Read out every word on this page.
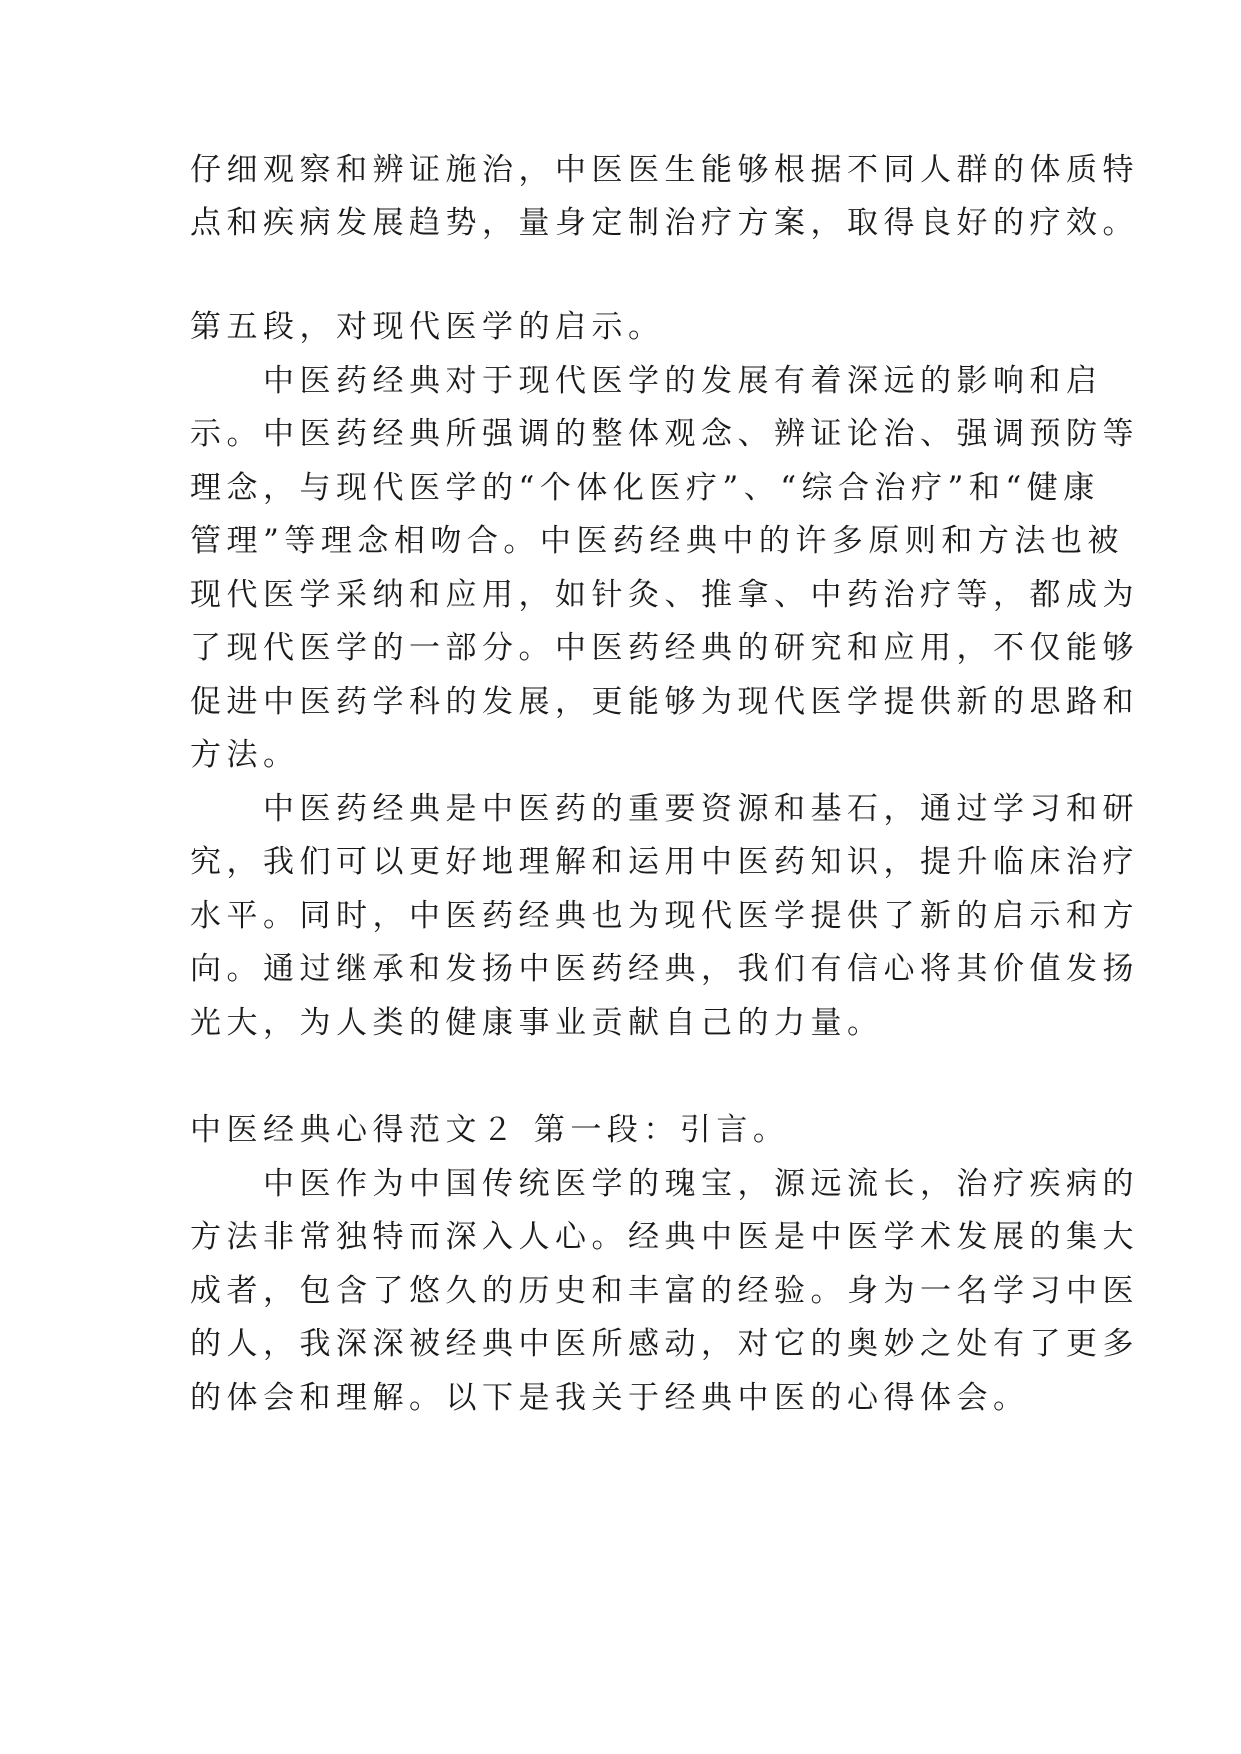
仔细观察和辨证施治，中医医生能够根据不同人群的体质特
点和疾病发展趋势，量身定制治疗方案，取得良好的疗效。
第五段，对现代医学的启示。
　　中医药经典对于现代医学的发展有着深远的影响和启
示。中医药经典所强调的整体观念、辨证论治、强调预防等
理念，与现代医学的“个体化医疗”、“综合治疗”和“健康
管理”等理念相吻合。中医药经典中的许多原则和方法也被
现代医学采纳和应用，如针灸、推拿、中药治疗等，都成为
了现代医学的一部分。中医药经典的研究和应用，不仅能够
促进中医药学科的发展，更能够为现代医学提供新的思路和
方法。
　　中医药经典是中医药的重要资源和基石，通过学习和研
究，我们可以更好地理解和运用中医药知识，提升临床治疗
水平。同时，中医药经典也为现代医学提供了新的启示和方
向。通过继承和发扬中医药经典，我们有信心将其价值发扬
光大，为人类的健康事业贡献自己的力量。
中医经典心得范文２ 第一段：引言。
　　中医作为中国传统医学的瑰宝，源远流长，治疗疾病的
方法非常独特而深入人心。经典中医是中医学术发展的集大
成者，包含了悠久的历史和丰富的经验。身为一名学习中医
的人，我深深被经典中医所感动，对它的奥妙之处有了更多
的体会和理解。以下是我关于经典中医的心得体会。
